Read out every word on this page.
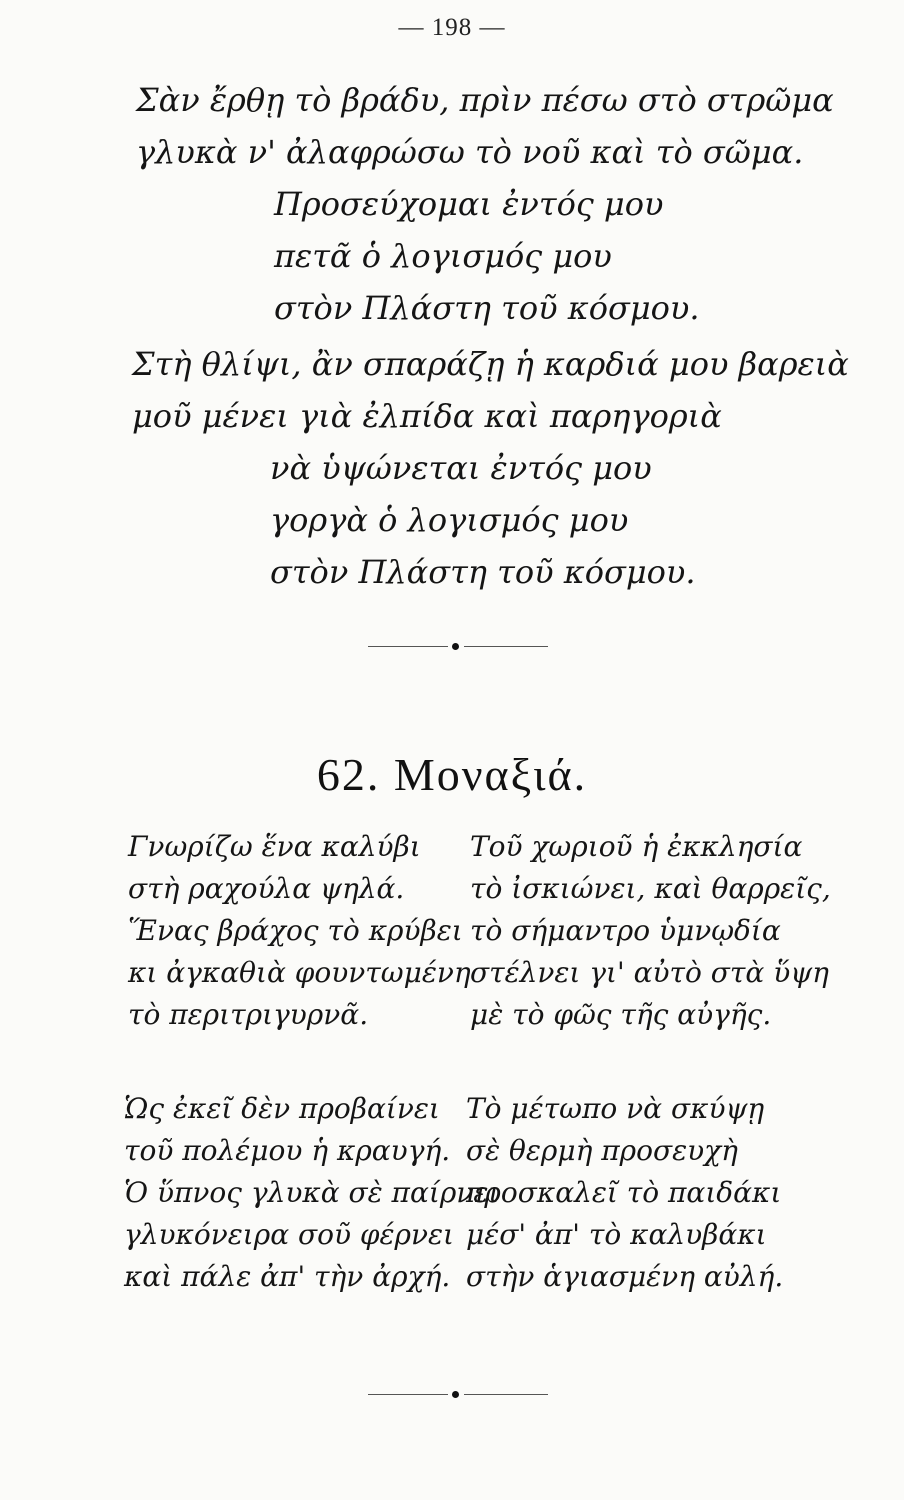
— 198 —
Σὰν ἔρθῃ τὸ βράδυ, πρὶν πέσω στὸ στρῶμα
γλυκὰ ν' ἀλαφρώσω τὸ νοῦ καὶ τὸ σῶμα.
Προσεύχομαι ἐντός μου
πετᾶ ὁ λογισμός μου
στὸν Πλάστη τοῦ κόσμου.
Στὴ θλίψι, ἂν σπαράζῃ ἡ καρδιά μου βαρειὰ
μοῦ μένει γιὰ ἐλπίδα καὶ παρηγοριὰ
νὰ ὑψώνεται ἐντός μου
γοργὰ ὁ λογισμός μου
στὸν Πλάστη τοῦ κόσμου.
62. Μοναξιά.
Γνωρίζω ἕνα καλύβι
στὴ ραχούλα ψηλά.
Ἕνας βράχος τὸ κρύβει
κι ἀγκαθιὰ φουντωμένη
τὸ περιτριγυρνᾶ.
Ὡς ἐκεῖ δὲν προβαίνει
τοῦ πολέμου ἡ κραυγή.
Ὁ ὕπνος γλυκὰ σὲ παίρνει
γλυκόνειρα σοῦ φέρνει
καὶ πάλε ἀπ' τὴν ἀρχή.
Τοῦ χωριοῦ ἡ ἐκκλησία
τὸ ἰσκιώνει, καὶ θαρρεῖς,
τὸ σήμαντρο ὑμνῳδία
στέλνει γι' αὐτὸ στὰ ὕψη
μὲ τὸ φῶς τῆς αὐγῆς.
Τὸ μέτωπο νὰ σκύψῃ
σὲ θερμὴ προσευχὴ
προσκαλεῖ τὸ παιδάκι
μέσ' ἀπ' τὸ καλυβάκι
στὴν ἁγιασμένη αὐλή.
